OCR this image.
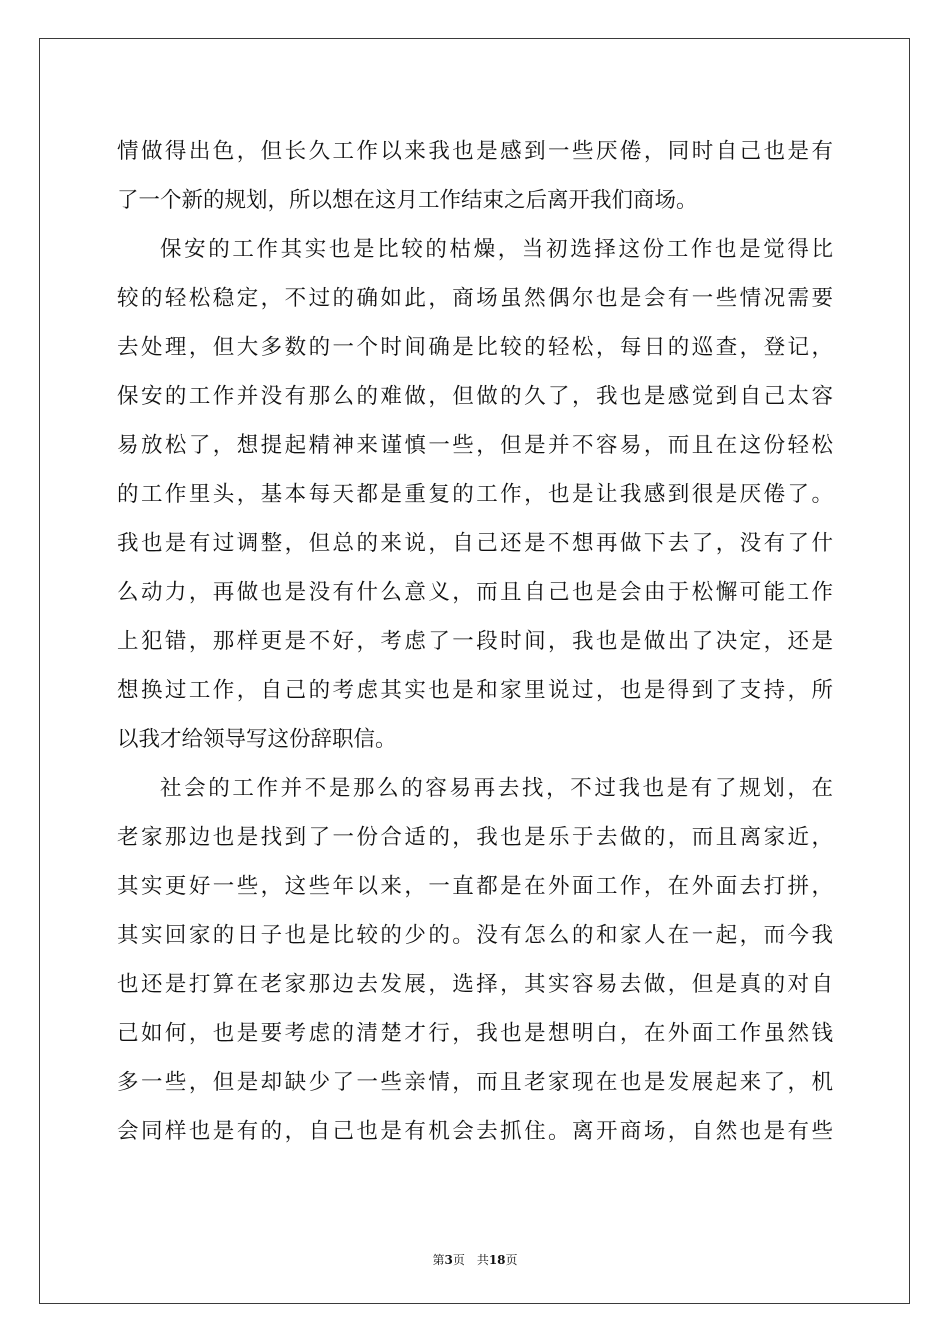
情做得出色，但长久工作以来我也是感到一些厌倦，同时自己也是有
了一个新的规划，所以想在这月工作结束之后离开我们商场。
保安的工作其实也是比较的枯燥，当初选择这份工作也是觉得比
较的轻松稳定，不过的确如此，商场虽然偶尔也是会有一些情况需要
去处理，但大多数的一个时间确是比较的轻松，每日的巡查，登记，
保安的工作并没有那么的难做，但做的久了，我也是感觉到自己太容
易放松了，想提起精神来谨慎一些，但是并不容易，而且在这份轻松
的工作里头，基本每天都是重复的工作，也是让我感到很是厌倦了。
我也是有过调整，但总的来说，自己还是不想再做下去了，没有了什
么动力，再做也是没有什么意义，而且自己也是会由于松懈可能工作
上犯错，那样更是不好，考虑了一段时间，我也是做出了决定，还是
想换过工作，自己的考虑其实也是和家里说过，也是得到了支持，所
以我才给领导写这份辞职信。
社会的工作并不是那么的容易再去找，不过我也是有了规划，在
老家那边也是找到了一份合适的，我也是乐于去做的，而且离家近，
其实更好一些，这些年以来，一直都是在外面工作，在外面去打拼，
其实回家的日子也是比较的少的。没有怎么的和家人在一起，而今我
也还是打算在老家那边去发展，选择，其实容易去做，但是真的对自
己如何，也是要考虑的清楚才行，我也是想明白，在外面工作虽然钱
多一些，但是却缺少了一些亲情，而且老家现在也是发展起来了，机
会同样也是有的，自己也是有机会去抓住。离开商场，自然也是有些
第3页　共18页
